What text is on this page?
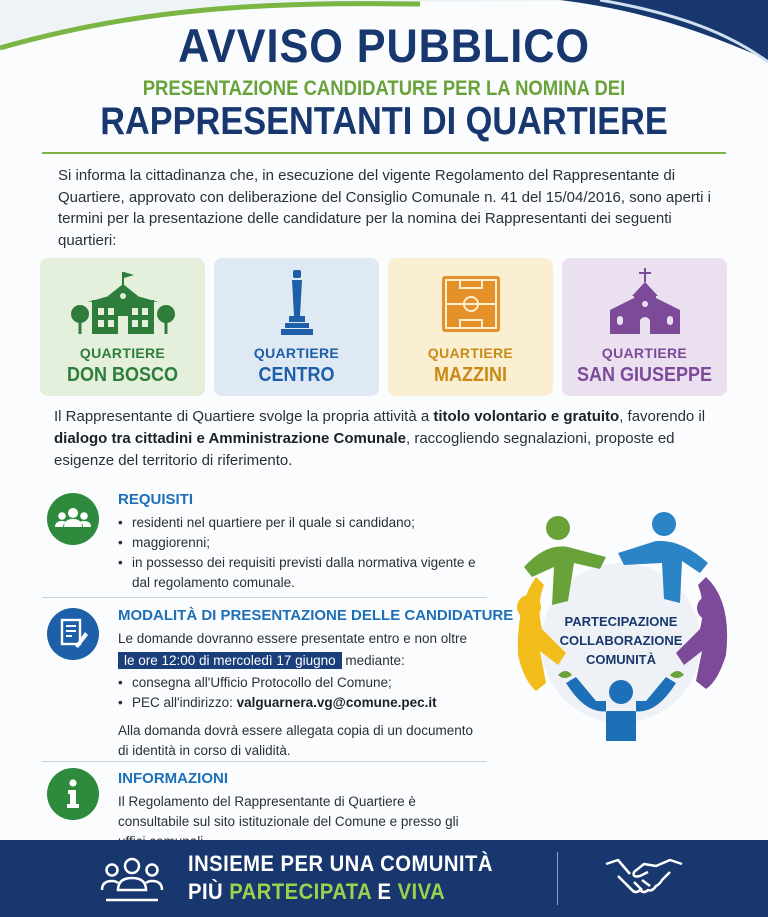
AVVISO PUBBLICO
PRESENTAZIONE CANDIDATURE PER LA NOMINA DEI
RAPPRESENTANTI DI QUARTIERE
Si informa la cittadinanza che, in esecuzione del vigente Regolamento del Rappresentante di Quartiere, approvato con deliberazione del Consiglio Comunale n. 41 del 15/04/2016, sono aperti i termini per la presentazione delle candidature per la nomina dei Rappresentanti dei seguenti quartieri:
QUARTIERE
DON BOSCO
QUARTIERE
CENTRO
QUARTIERE
MAZZINI
QUARTIERE
SAN GIUSEPPE
Il Rappresentante di Quartiere svolge la propria attività a titolo volontario e gratuito, favorendo il dialogo tra cittadini e Amministrazione Comunale, raccogliendo segnalazioni, proposte ed esigenze del territorio di riferimento.
REQUISITI
• residenti nel quartiere per il quale si candidano;
• maggiorenni;
• in possesso dei requisiti previsti dalla normativa vigente e dal regolamento comunale.
MODALITÀ DI PRESENTAZIONE DELLE CANDIDATURE
Le domande dovranno essere presentate entro e non oltre
le ore 12:00 di mercoledì 17 giugno mediante:
• consegna all'Ufficio Protocollo del Comune;
• PEC all'indirizzo: valguarnera.vg@comune.pec.it
Alla domanda dovrà essere allegata copia di un documento di identità in corso di validità.
INFORMAZIONI
Il Regolamento del Rappresentante di Quartiere è consultabile sul sito istituzionale del Comune e presso gli
PARTECIPAZIONE
COLLABORAZIONE
COMUNITÀ
INSIEME PER UNA COMUNITÀ
PIÙ PARTECIPATA E VIVA
